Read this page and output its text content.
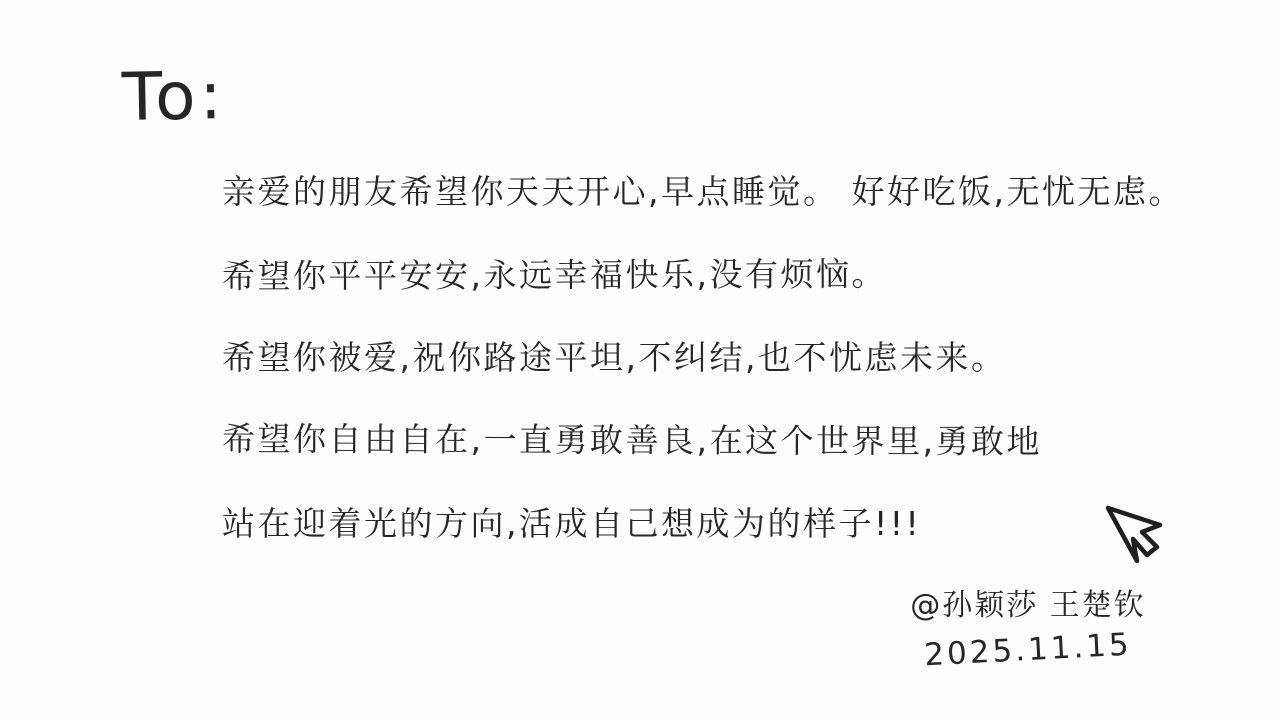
To:
亲爱的朋友希望你天天开心,早点睡觉。 好好吃饭,无忧无虑。
希望你平平安安,永远幸福快乐,没有烦恼。
希望你被爱,祝你路途平坦,不纠结,也不忧虑未来。
希望你自由自在,一直勇敢善良,在这个世界里,勇敢地
站在迎着光的方向,活成自己想成为的样子!!!
@孙颖莎 王楚钦
2025.11.15
